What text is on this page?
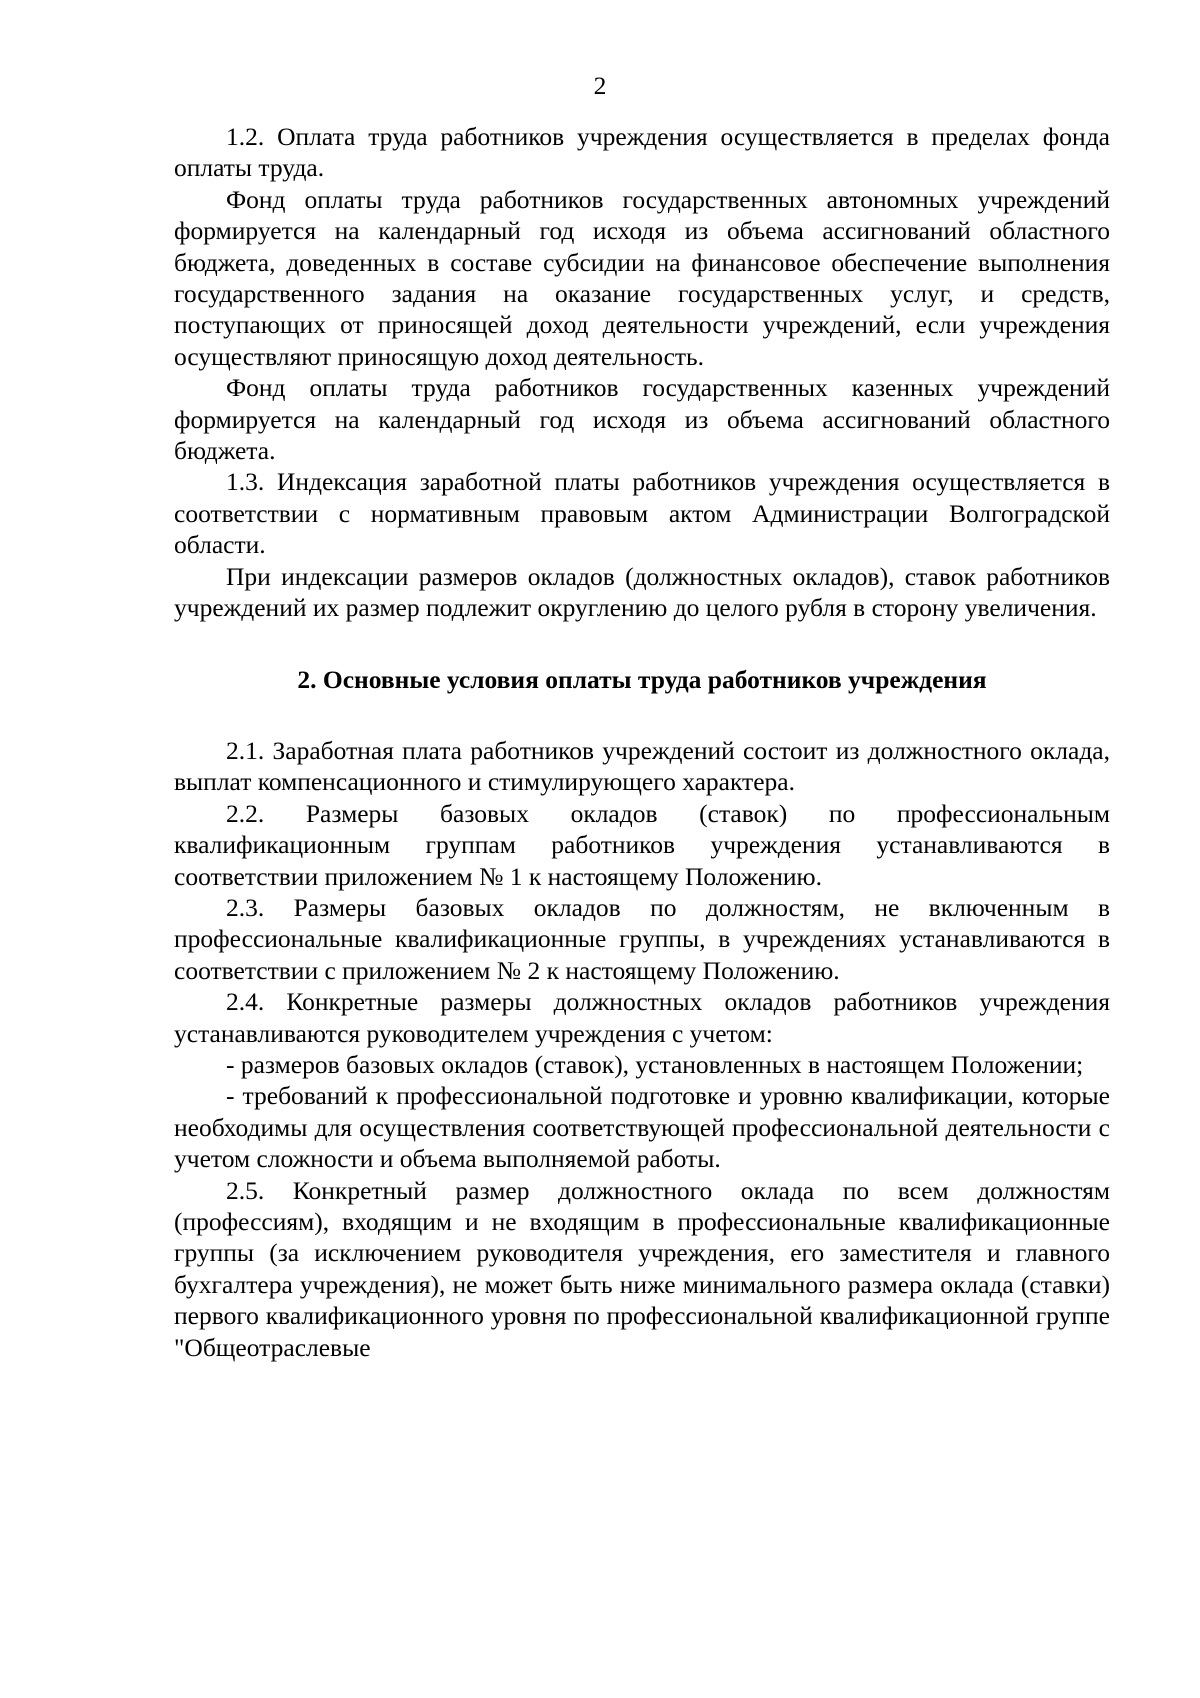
2

1.2. Оплата труда работников учреждения осуществляется в пределах фонда оплаты труда.

Фонд оплаты труда работников государственных автономных учреждений формируется на календарный год исходя из объема ассигнований областного бюджета, доведенных в составе субсидии на финансовое обеспечение выполнения государственного задания на оказание государственных услуг, и средств, поступающих от приносящей доход деятельности учреждений, если учреждения осуществляют приносящую доход деятельность.

Фонд оплаты труда работников государственных казенных учреждений формируется на календарный год исходя из объема ассигнований областного бюджета.

1.3. Индексация заработной платы работников учреждения осуществляется в соответствии с нормативным правовым актом Администрации Волгоградской области.

При индексации размеров окладов (должностных окладов), ставок работников учреждений их размер подлежит округлению до целого рубля в сторону увеличения.

2. Основные условия оплаты труда работников учреждения

2.1. Заработная плата работников учреждений состоит из должностного оклада, выплат компенсационного и стимулирующего характера.

2.2. Размеры базовых окладов (ставок) по профессиональным квалификационным группам работников учреждения устанавливаются в соответствии приложением № 1 к настоящему Положению.

2.3. Размеры базовых окладов по должностям, не включенным в профессиональные квалификационные группы, в учреждениях устанавливаются в соответствии с приложением № 2 к настоящему Положению.

2.4. Конкретные размеры должностных окладов работников учреждения устанавливаются руководителем учреждения с учетом:

- размеров базовых окладов (ставок), установленных в настоящем Положении;

- требований к профессиональной подготовке и уровню квалификации, которые необходимы для осуществления соответствующей профессиональной деятельности с учетом сложности и объема выполняемой работы.

2.5. Конкретный размер должностного оклада по всем должностям (профессиям), входящим и не входящим в профессиональные квалификационные группы (за исключением руководителя учреждения, его заместителя и главного бухгалтера учреждения), не может быть ниже минимального размера оклада (ставки) первого квалификационного уровня по профессиональной квалификационной группе "Общеотраслевые
